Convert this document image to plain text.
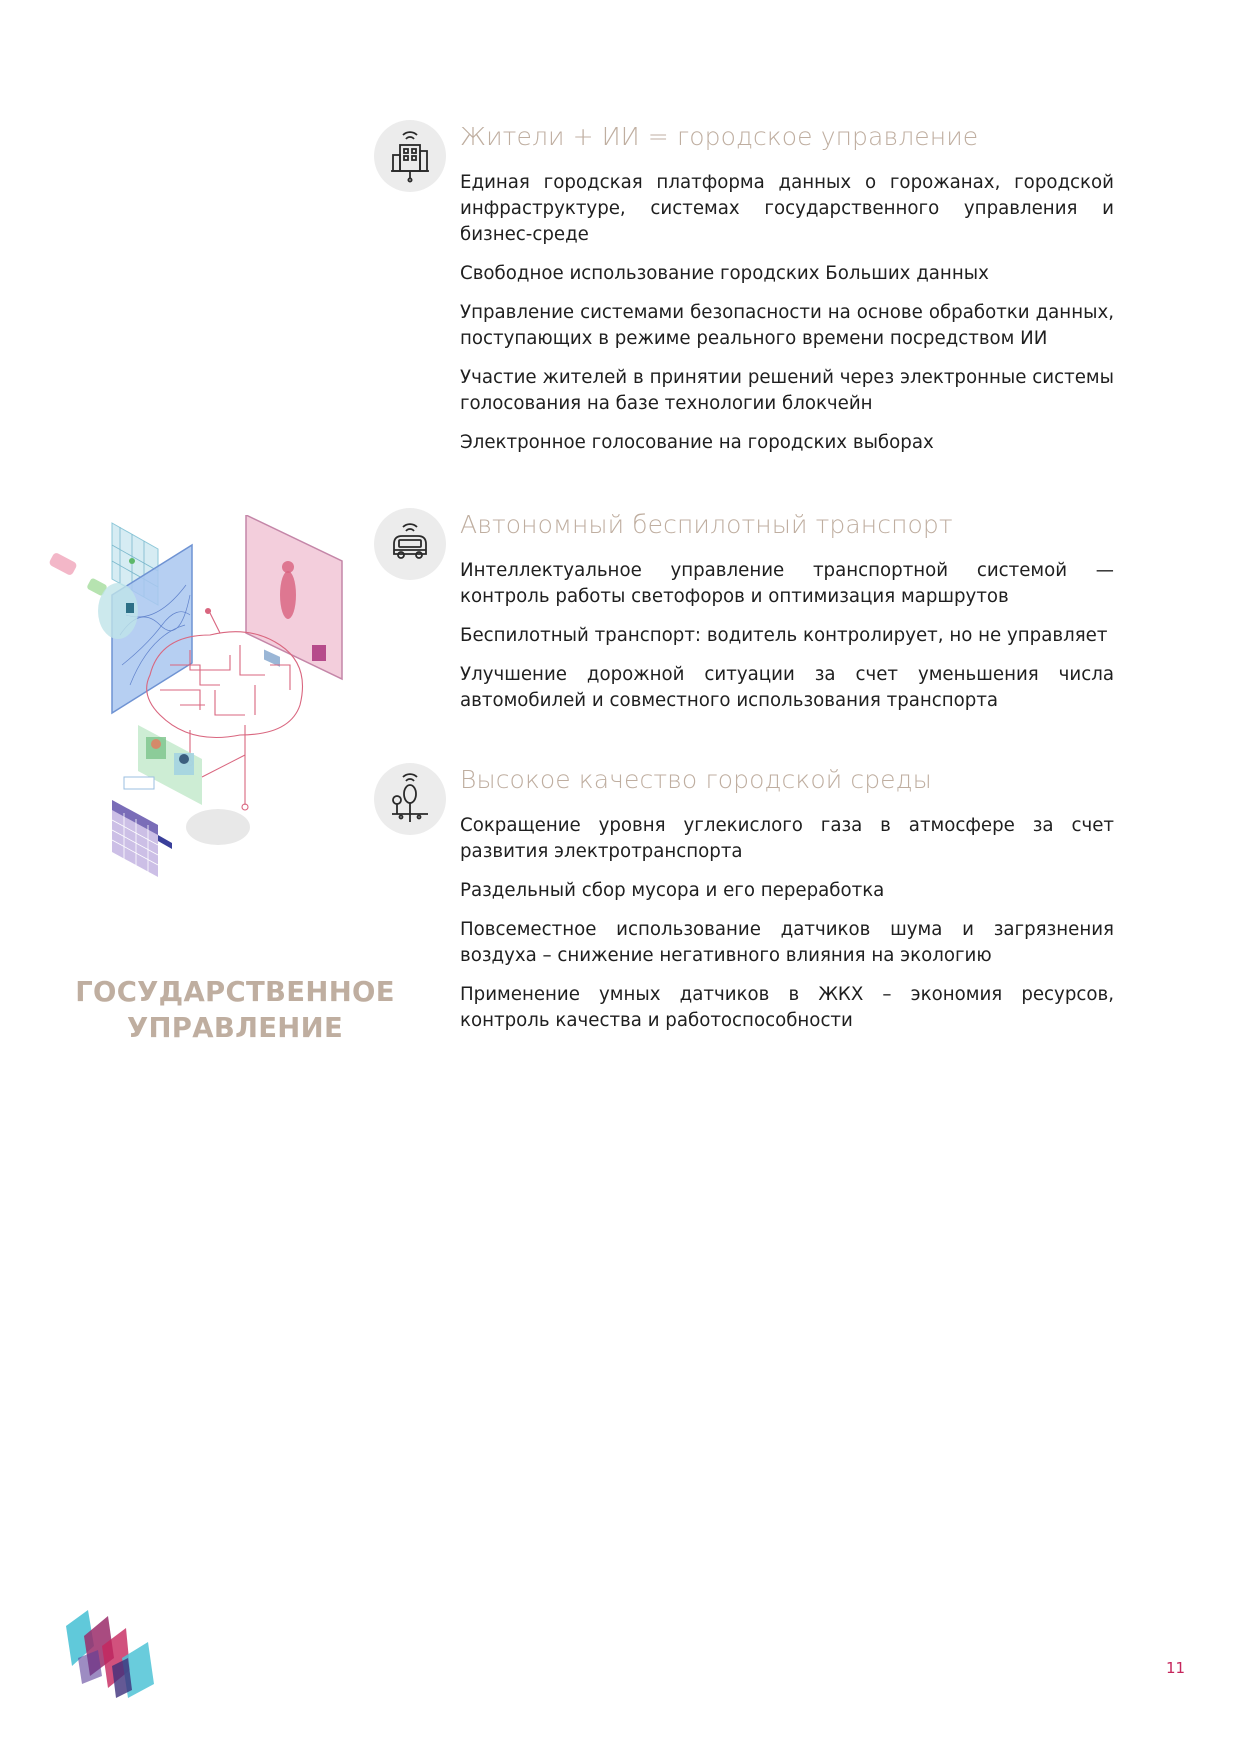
Жители + ИИ = городское управление

Единая городская платформа данных о горожанах, городской инфраструктуре, системах государственного управления и бизнес-среде

Свободное использование городских Больших данных

Управление системами безопасности на основе обработки данных, поступающих в режиме реального времени посредством ИИ

Участие жителей в принятии решений через электронные системы голосования на базе технологии блокчейн

Электронное голосование на городских выборах

Автономный беспилотный транспорт

Интеллектуальное управление транспортной системой — контроль работы светофоров и оптимизация маршрутов

Беспилотный транспорт: водитель контролирует, но не управляет

Улучшение дорожной ситуации за счет уменьшения числа автомобилей и совместного использования транспорта

Высокое качество городской среды

Сокращение уровня углекислого газа в атмосфере за счет развития электротранспорта

Раздельный сбор мусора и его переработка

Повсеместное использование датчиков шума и загрязнения воздуха – снижение негативного влияния на экологию

Применение умных датчиков в ЖКХ – экономия ресурсов, контроль качества и работоспособности

ГОСУДАРСТВЕННОЕ
УПРАВЛЕНИЕ
11
